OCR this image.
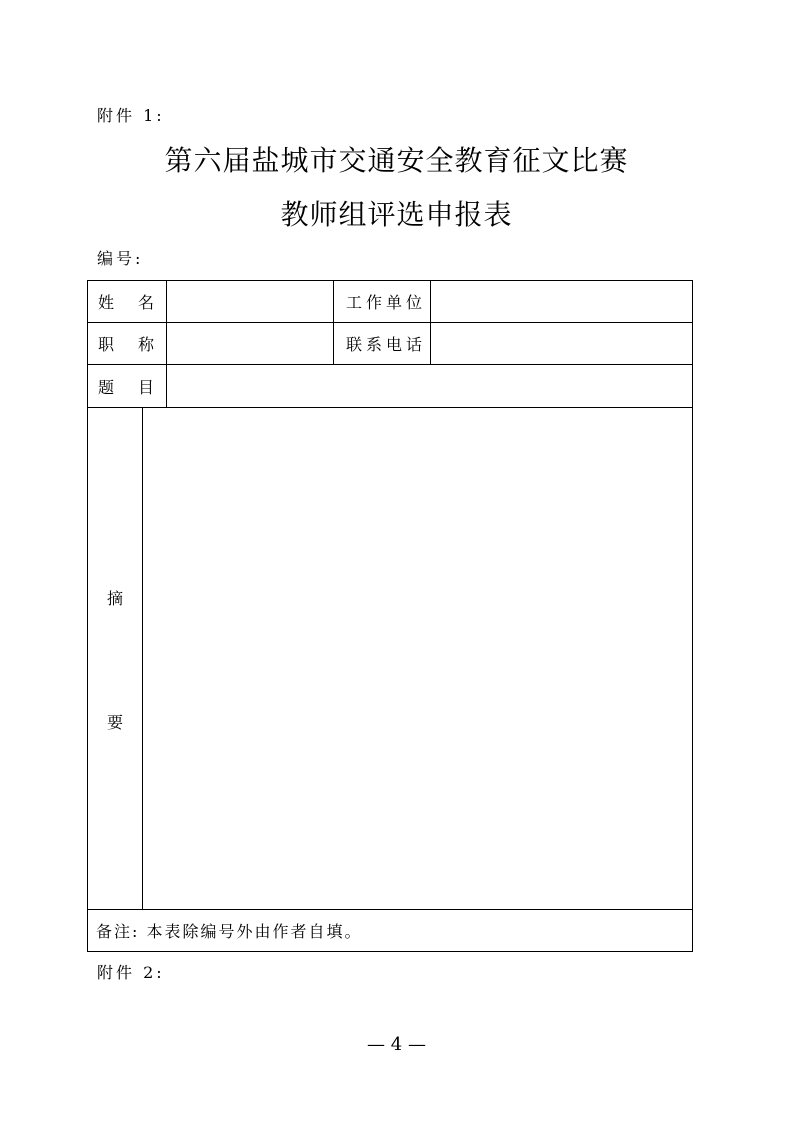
附件 1:
第六届盐城市交通安全教育征文比赛
教师组评选申报表
编号:
姓 名			工作单位	

职 称			联系电话	

题 目				

摘
要				

备注: 本表除编号外由作者自填。				
附件 2:
— 4 —
